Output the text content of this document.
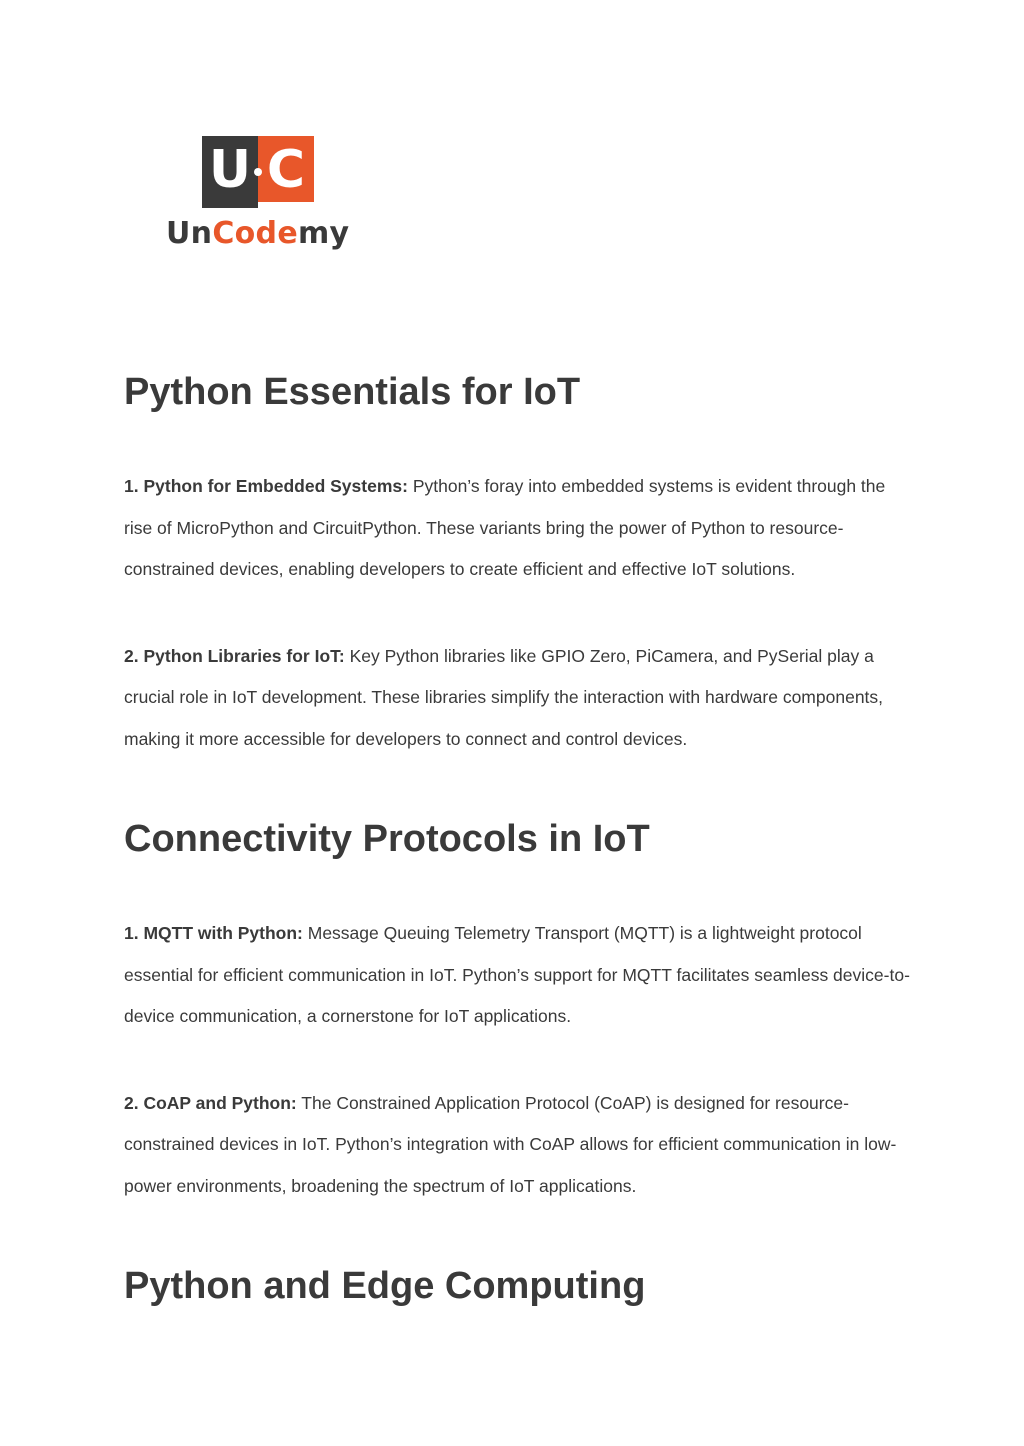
U C
UnCodemy
Python Essentials for IoT

1. Python for Embedded Systems: Python’s foray into embedded systems is evident through the rise of MicroPython and CircuitPython. These variants bring the power of Python to resource-constrained devices, enabling developers to create efficient and effective IoT solutions.

2. Python Libraries for IoT: Key Python libraries like GPIO Zero, PiCamera, and PySerial play a crucial role in IoT development. These libraries simplify the interaction with hardware components, making it more accessible for developers to connect and control devices.

Connectivity Protocols in IoT

1. MQTT with Python: Message Queuing Telemetry Transport (MQTT) is a lightweight protocol essential for efficient communication in IoT. Python’s support for MQTT facilitates seamless device-to-device communication, a cornerstone for IoT applications.

2. CoAP and Python: The Constrained Application Protocol (CoAP) is designed for resource-constrained devices in IoT. Python’s integration with CoAP allows for efficient communication in low-power environments, broadening the spectrum of IoT applications.

Python and Edge Computing
